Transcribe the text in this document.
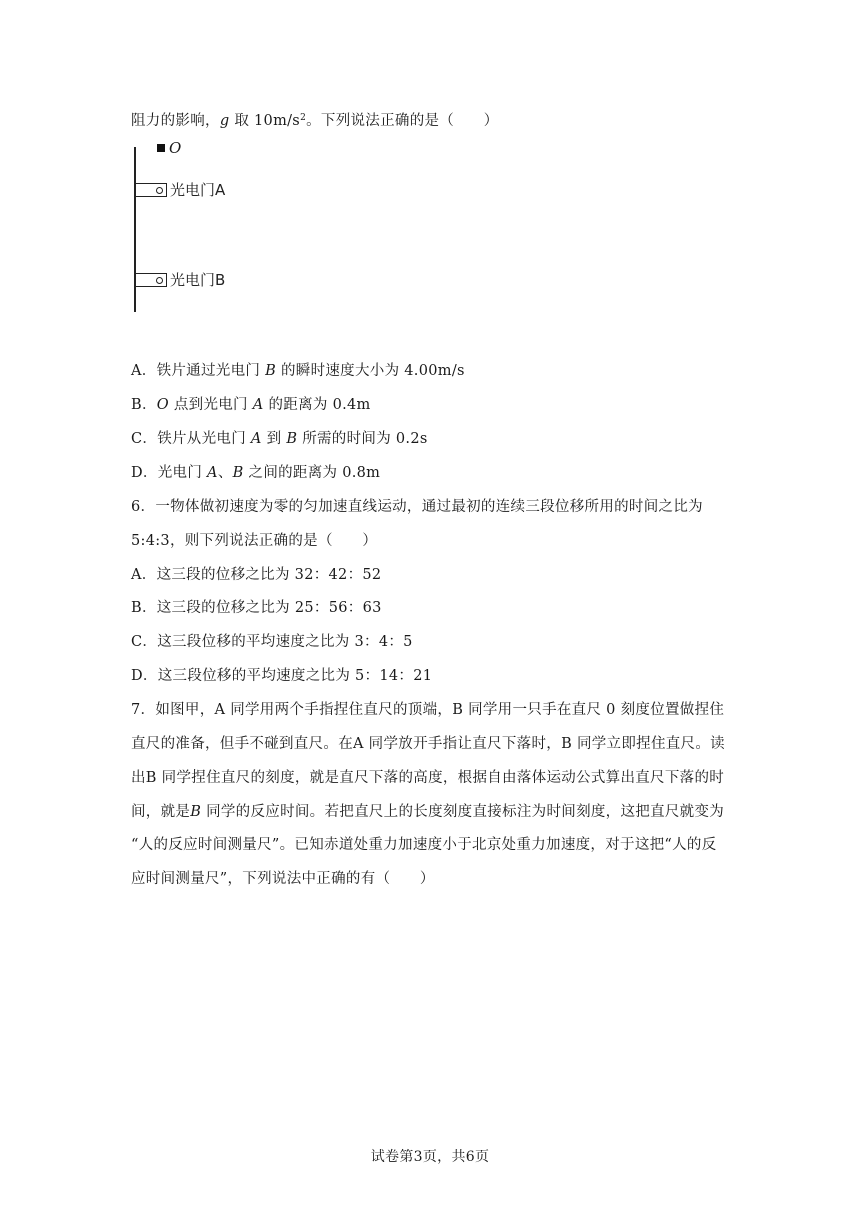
阻力的影响，g 取 $10m/s^2$。下列说法正确的是（　　）
O
光电门A
光电门B
A．铁片通过光电门 B 的瞬时速度大小为 4.00m/s
B．O 点到光电门 A 的距离为 0.4m
C．铁片从光电门 A 到 B 所需的时间为 0.2s
D．光电门 A、B 之间的距离为 0.8m
6．一物体做初速度为零的匀加速直线运动，通过最初的连续三段位移所用的时间之比为
5:4:3，则下列说法正确的是（　　）
A．这三段的位移之比为 32：42：52
B．这三段的位移之比为 25：56：63
C．这三段位移的平均速度之比为 3：4：5
D．这三段位移的平均速度之比为 5：14：21
7．如图甲，A 同学用两个手指捏住直尺的顶端，B 同学用一只手在直尺 0 刻度位置做捏住
直尺的准备，但手不碰到直尺。在A 同学放开手指让直尺下落时，B 同学立即捏住直尺。读
出B 同学捏住直尺的刻度，就是直尺下落的高度，根据自由落体运动公式算出直尺下落的时
间，就是B 同学的反应时间。若把直尺上的长度刻度直接标注为时间刻度，这把直尺就变为
“人的反应时间测量尺”。已知赤道处重力加速度小于北京处重力加速度，对于这把“人的反
应时间测量尺”，下列说法中正确的有（　　）
试卷第3页，共6页
